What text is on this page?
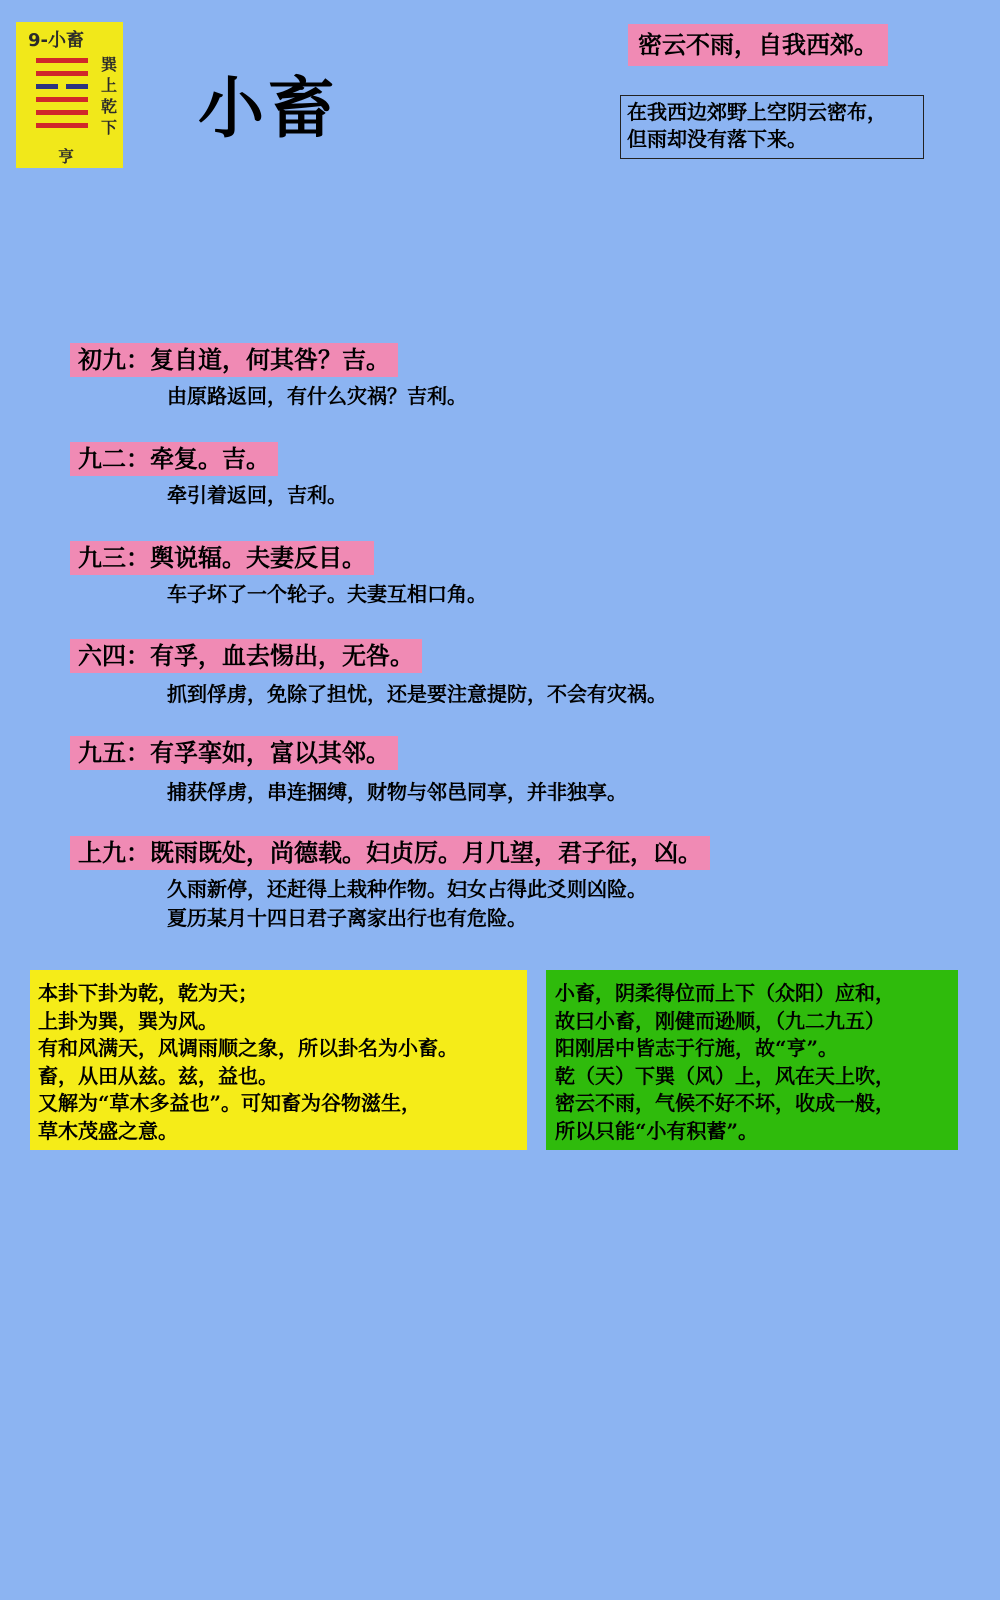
9-小畜
巽
上
乾
下
亨
小畜
密云不雨，自我西郊。
在我西边郊野上空阴云密布，
但雨却没有落下来。
初九：复自道，何其咎？吉。
由原路返回，有什么灾祸？吉利。
九二：牵复。吉。
牵引着返回，吉利。
九三：舆说辐。夫妻反目。
车子坏了一个轮子。夫妻互相口角。
六四：有孚，血去惕出，无咎。
抓到俘虏，免除了担忧，还是要注意提防，不会有灾祸。
九五：有孚挛如，富以其邻。
捕获俘虏，串连捆缚，财物与邻邑同享，并非独享。
上九：既雨既处，尚德载。妇贞厉。月几望，君子征，凶。
久雨新停，还赶得上栽种作物。妇女占得此爻则凶险。
夏历某月十四日君子离家出行也有危险。
本卦下卦为乾，乾为天；
上卦为巽，巽为风。
有和风满天，风调雨顺之象，所以卦名为小畜。
畜，从田从兹。兹，益也。
又解为“草木多益也”。可知畜为谷物滋生，
草木茂盛之意。
小畜，阴柔得位而上下（众阳）应和，
故曰小畜，刚健而逊顺，（九二九五）
阳刚居中皆志于行施，故“亨”。
乾（天）下巽（风）上，风在天上吹，
密云不雨，气候不好不坏，收成一般，
所以只能“小有积蓄”。
